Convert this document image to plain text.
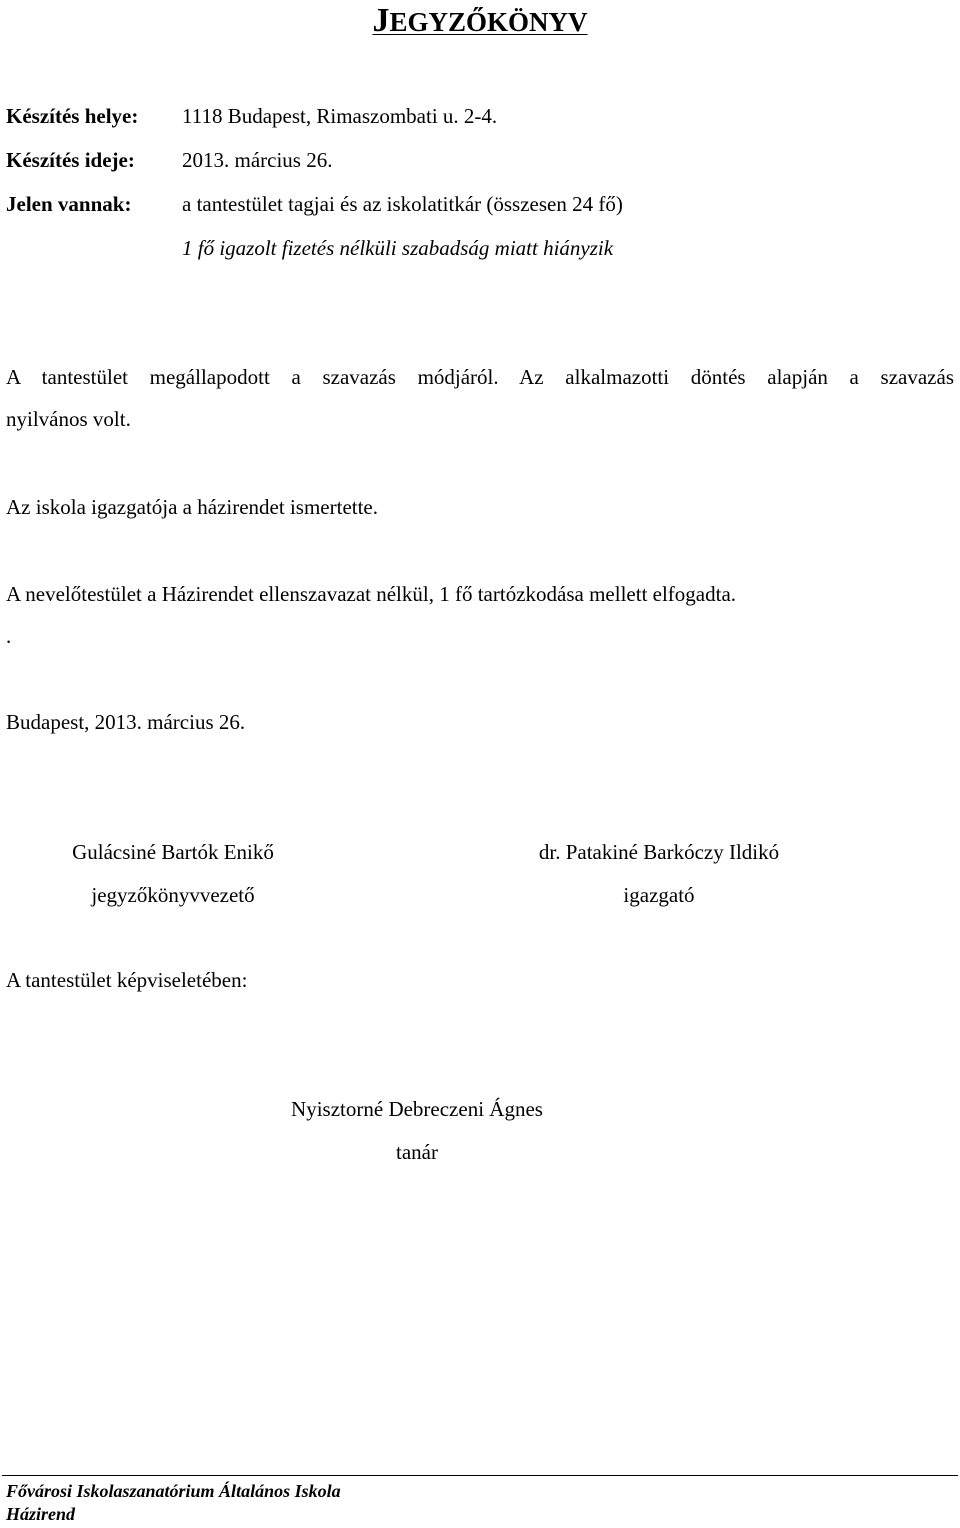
JEGYZŐKÖNYV
Készítés helye: 1118 Budapest, Rimaszombati u. 2-4.
Készítés ideje: 2013. március 26.
Jelen vannak: a tantestület tagjai és az iskolatitkár (összesen 24 fő)
1 fő igazolt fizetés nélküli szabadság miatt hiányzik
A tantestület megállapodott a szavazás módjáról. Az alkalmazotti döntés alapján a szavazás
nyilvános volt.
Az iskola igazgatója a házirendet ismertette.
A nevelőtestület a Házirendet ellenszavazat nélkül, 1 fő tartózkodása mellett elfogadta.
.
Budapest, 2013. március 26.
Gulácsiné Bartók Enikő
jegyzőkönyvvezető
dr. Patakiné Barkóczy Ildikó
igazgató
A tantestület képviseletében:
Nyisztorné Debreczeni Ágnes
tanár
Fővárosi Iskolaszanatórium Általános Iskola
Házirend
